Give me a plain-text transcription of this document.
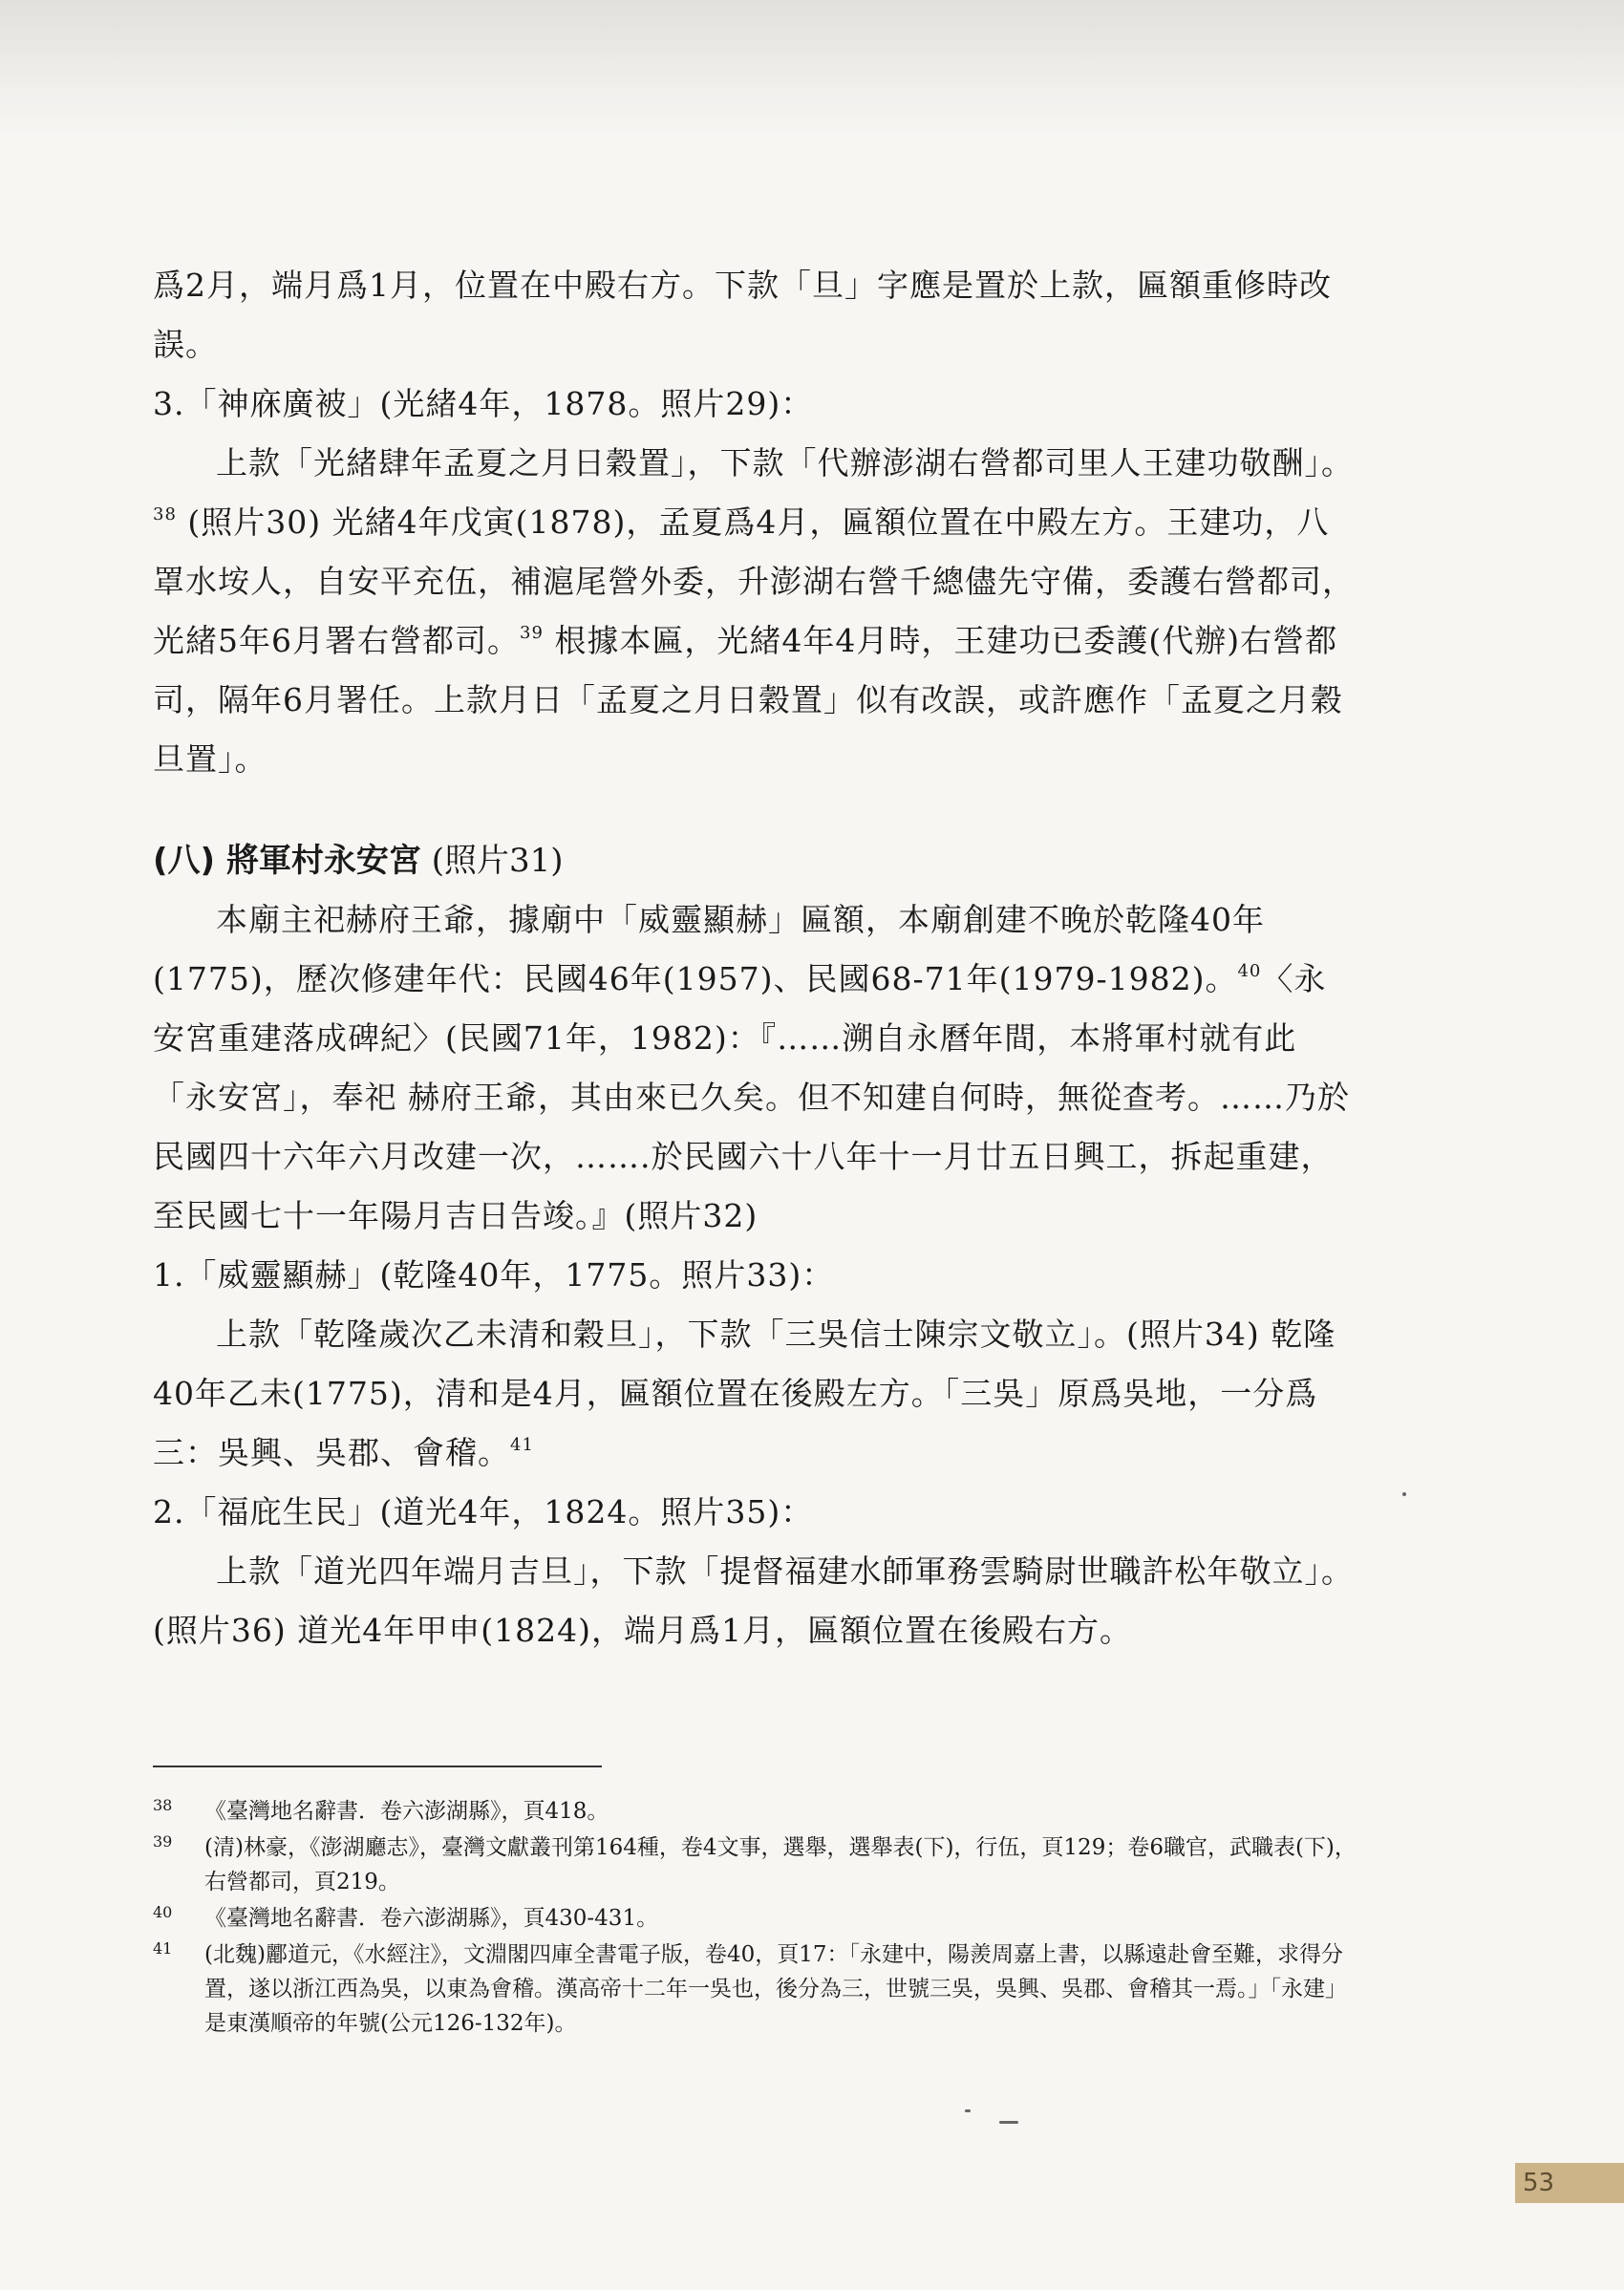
爲2月，端月爲1月，位置在中殿右方。下款「旦」字應是置於上款，匾額重修時改誤。

3.「神庥廣被」(光緒4年，1878。照片29)：

上款「光緒肆年孟夏之月日穀置」，下款「代辦澎湖右營都司里人王建功敬酬」。$^{38}$ (照片30) 光緒4年戊寅(1878)，孟夏爲4月，匾額位置在中殿左方。王建功，八罩水垵人，自安平充伍，補滬尾營外委，升澎湖右營千總儘先守備，委護右營都司，光緒5年6月署右營都司。$^{39}$ 根據本匾，光緒4年4月時，王建功已委護(代辦)右營都司，隔年6月署任。上款月日「孟夏之月日穀置」似有改誤，或許應作「孟夏之月穀旦置」。

(八) 將軍村永安宮 (照片31)

本廟主祀赫府王爺，據廟中「威靈顯赫」匾額，本廟創建不晚於乾隆40年(1775)，歷次修建年代：民國46年(1957)、民國68-71年(1979-1982)。$^{40}$〈永安宮重建落成碑紀〉(民國71年，1982)：『……溯自永曆年間，本將軍村就有此「永安宮」，奉祀 赫府王爺，其由來已久矣。但不知建自何時，無從查考。……乃於民國四十六年六月改建一次，…….於民國六十八年十一月廿五日興工，拆起重建，至民國七十一年陽月吉日告竣。』(照片32)

1.「威靈顯赫」(乾隆40年，1775。照片33)：

上款「乾隆歲次乙未清和穀旦」，下款「三吳信士陳宗文敬立」。(照片34) 乾隆40年乙未(1775)，清和是4月，匾額位置在後殿左方。「三吳」原爲吳地，一分爲三：吳興、吳郡、會稽。$^{41}$

2.「福庇生民」(道光4年，1824。照片35)：

上款「道光四年端月吉旦」，下款「提督福建水師軍務雲騎尉世職許松年敬立」。(照片36) 道光4年甲申(1824)，端月爲1月，匾額位置在後殿右方。

38	《臺灣地名辭書．卷六澎湖縣》，頁418。

39	(清)林豪，《澎湖廳志》，臺灣文獻叢刊第164種，卷4文事，選舉，選舉表(下)，行伍，頁129；卷6職官，武職表(下)，右營都司，頁219。

40	《臺灣地名辭書．卷六澎湖縣》，頁430-431。

41	(北魏)酈道元，《水經注》，文淵閣四庫全書電子版，卷40，頁17：「永建中，陽羨周嘉上書，以縣遠赴會至難，求得分置，遂以浙江西為吳，以東為會稽。漢高帝十二年一吳也，後分為三，世號三吳，吳興、吳郡、會稽其一焉。」「永建」是東漢順帝的年號(公元126-132年)。

53
